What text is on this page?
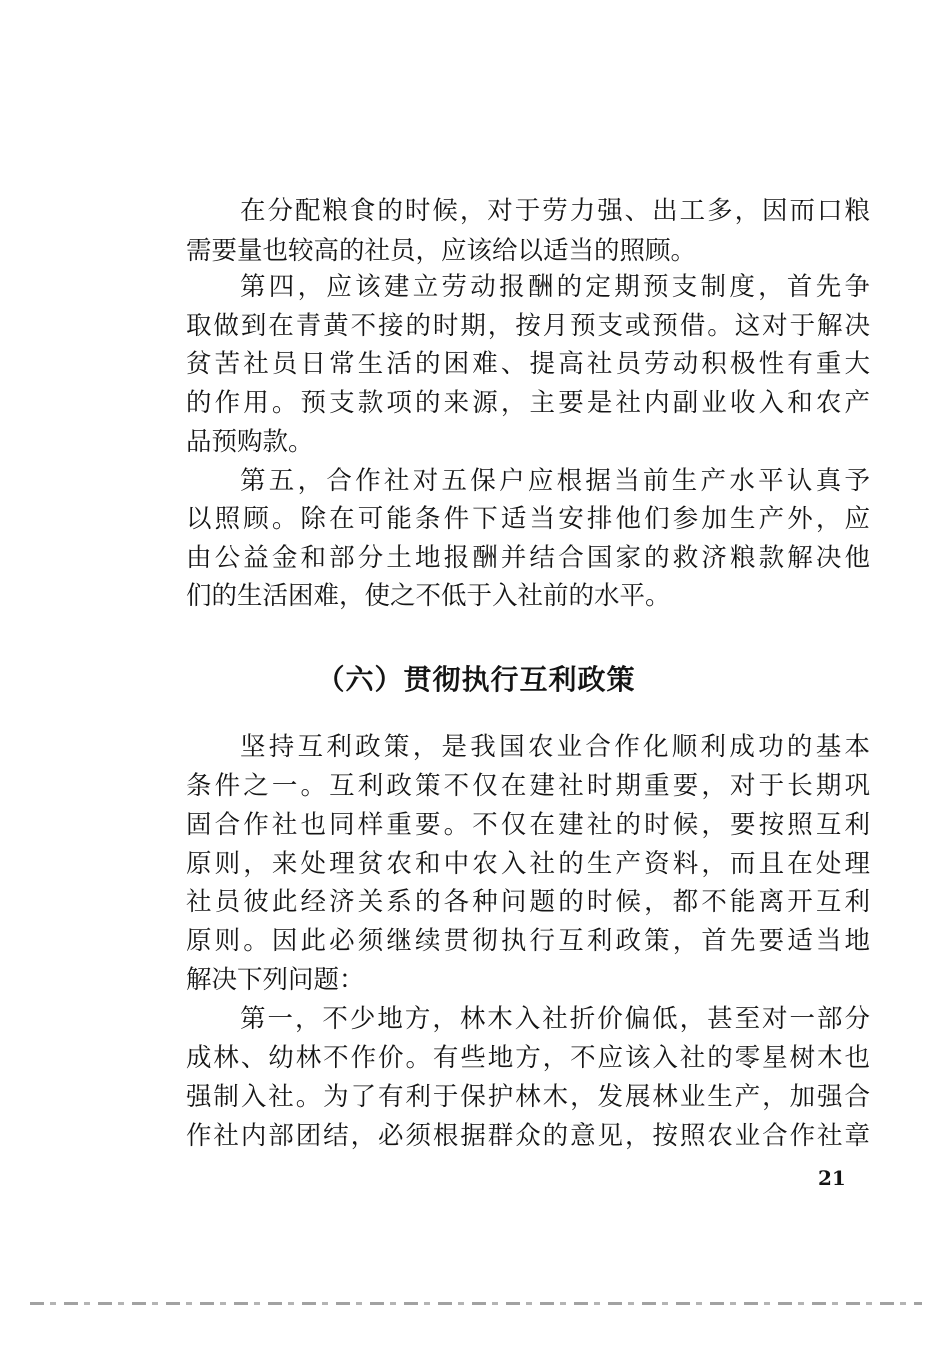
在分配粮食的时候，对于劳力强、出工多，因而口粮
需要量也较高的社员，应该给以适当的照顾。
第四，应该建立劳动报酬的定期预支制度，首先争
取做到在青黄不接的时期，按月预支或预借。这对于解决
贫苦社员日常生活的困难、提高社员劳动积极性有重大
的作用。预支款项的来源，主要是社内副业收入和农产
品预购款。
第五，合作社对五保户应根据当前生产水平认真予
以照顾。除在可能条件下适当安排他们参加生产外，应
由公益金和部分土地报酬并结合国家的救济粮款解决他
们的生活困难，使之不低于入社前的水平。
（六）贯彻执行互利政策
坚持互利政策，是我国农业合作化顺利成功的基本
条件之一。互利政策不仅在建社时期重要，对于长期巩
固合作社也同样重要。不仅在建社的时候，要按照互利
原则，来处理贫农和中农入社的生产资料，而且在处理
社员彼此经济关系的各种问题的时候，都不能离开互利
原则。因此必须继续贯彻执行互利政策，首先要适当地
解决下列问题：
第一，不少地方，林木入社折价偏低，甚至对一部分
成林、幼林不作价。有些地方，不应该入社的零星树木也
强制入社。为了有利于保护林木，发展林业生产，加强合
作社内部团结，必须根据群众的意见，按照农业合作社章
21
